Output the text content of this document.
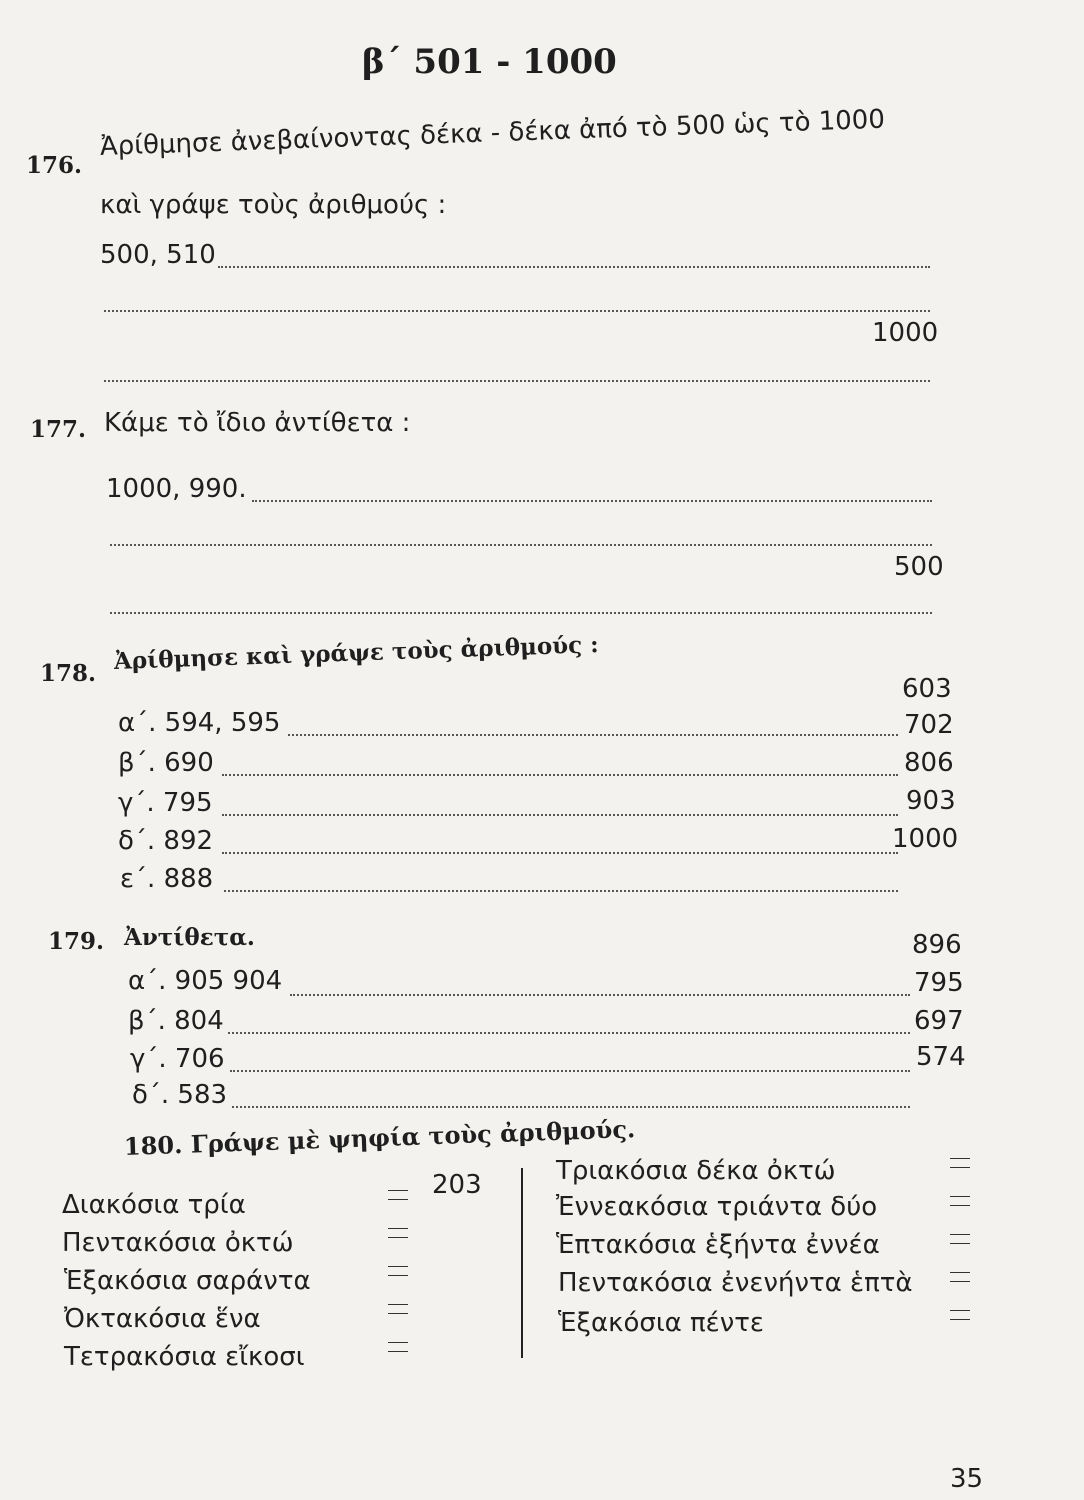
β΄ 501 - 1000
176.
Ἀρίθμησε ἀνεβαίνοντας δέκα - δέκα ἀπό τὸ 500 ὡς τὸ 1000
καὶ γράψε τοὺς ἀριθμούς :
500, 510
1000
177. Κάμε τὸ ἴδιο ἀντίθετα :
1000, 990.
500
178. Ἀρίθμησε καὶ γράψε τοὺς ἀριθμούς :
α΄. 594, 595
603
β΄. 690
702
γ΄. 795
806
δ΄. 892
903
ε΄. 888
1000
179. Ἀντίθετα.
α΄. 905 904
896
β΄. 804
795
γ΄. 706
697
δ΄. 583
574
180. Γράψε μὲ ψηφία τοὺς ἀριθμούς.
Διακόσια τρία
203
Πεντακόσια ὀκτώ
Ἑξακόσια σαράντα
Ὀκτακόσια ἕνα
Τετρακόσια εἴκοσι
Τριακόσια δέκα ὀκτώ
Ἐννεακόσια τριάντα δύο
Ἑπτακόσια ἑξήντα ἐννέα
Πεντακόσια ἐνενήντα ἑπτὰ
Ἑξακόσια πέντε
35
